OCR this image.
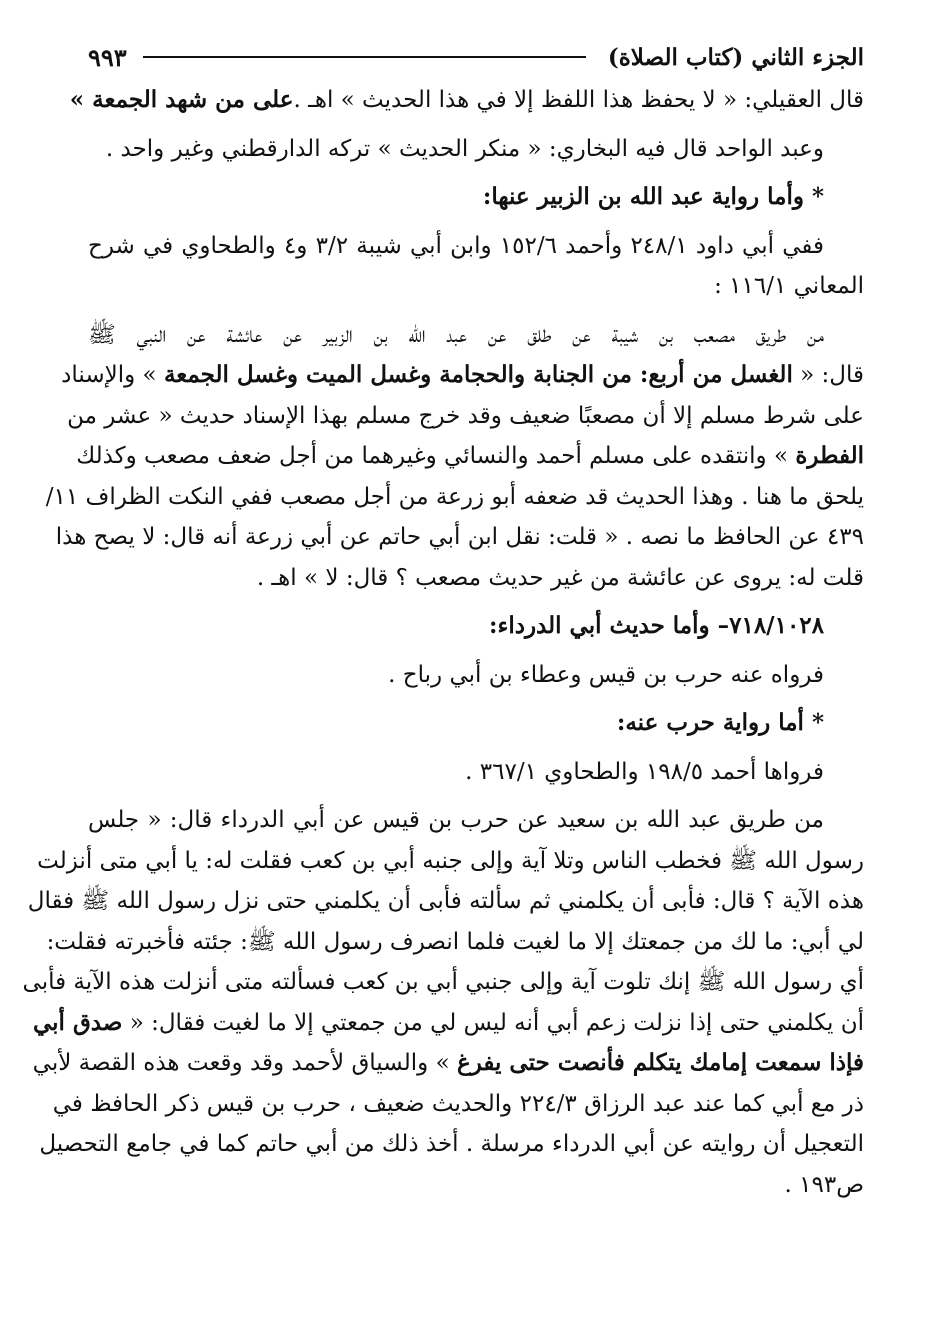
الجزء الثاني (كتاب الصلاة)
٩٩٣
قال العقيلي: « لا يحفظ هذا اللفظ إلا في هذا الحديث » اهـ .على من شهد الجمعة »
وعبد الواحد قال فيه البخاري: « منكر الحديث » تركه الدارقطني وغير واحد .
* وأما رواية عبد الله بن الزبير عنها:
ففي أبي داود ٢٤٨/١ وأحمد ١٥٢/٦ وابن أبي شيبة ٣/٢ و٤ والطحاوي في شرح
المعاني ١١٦/١ :
من طريق مصعب بن شيبة عن طلق عن عبد الله بن الزبير عن عائشة عن النبي ﷺ
قال: « الغسل من أربع: من الجنابة والحجامة وغسل الميت وغسل الجمعة » والإسناد
على شرط مسلم إلا أن مصعبًا ضعيف وقد خرج مسلم بهذا الإسناد حديث « عشر من
الفطرة » وانتقده على مسلم أحمد والنسائي وغيرهما من أجل ضعف مصعب وكذلك
يلحق ما هنا . وهذا الحديث قد ضعفه أبو زرعة من أجل مصعب ففي النكت الظراف ١١/
٤٣٩ عن الحافظ ما نصه . « قلت: نقل ابن أبي حاتم عن أبي زرعة أنه قال: لا يصح هذا
قلت له: يروى عن عائشة من غير حديث مصعب ؟ قال: لا » اهـ .
٧١٨/١٠٢٨– وأما حديث أبي الدرداء:
فرواه عنه حرب بن قيس وعطاء بن أبي رباح .
* أما رواية حرب عنه:
فرواها أحمد ١٩٨/٥ والطحاوي ٣٦٧/١ .
من طريق عبد الله بن سعيد عن حرب بن قيس عن أبي الدرداء قال: « جلس
رسول الله ﷺ فخطب الناس وتلا آية وإلى جنبه أبي بن كعب فقلت له: يا أبي متى أنزلت
هذه الآية ؟ قال: فأبى أن يكلمني ثم سألته فأبى أن يكلمني حتى نزل رسول الله ﷺ فقال
لي أبي: ما لك من جمعتك إلا ما لغيت فلما انصرف رسول الله ﷺ: جئته فأخبرته فقلت:
أي رسول الله ﷺ إنك تلوت آية وإلى جنبي أبي بن كعب فسألته متى أنزلت هذه الآية فأبى
أن يكلمني حتى إذا نزلت زعم أبي أنه ليس لي من جمعتي إلا ما لغيت فقال: « صدق أبي
فإذا سمعت إمامك يتكلم فأنصت حتى يفرغ » والسياق لأحمد وقد وقعت هذه القصة لأبي
ذر مع أبي كما عند عبد الرزاق ٢٢٤/٣ والحديث ضعيف ، حرب بن قيس ذكر الحافظ في
التعجيل أن روايته عن أبي الدرداء مرسلة . أخذ ذلك من أبي حاتم كما في جامع التحصيل
ص١٩٣ .
